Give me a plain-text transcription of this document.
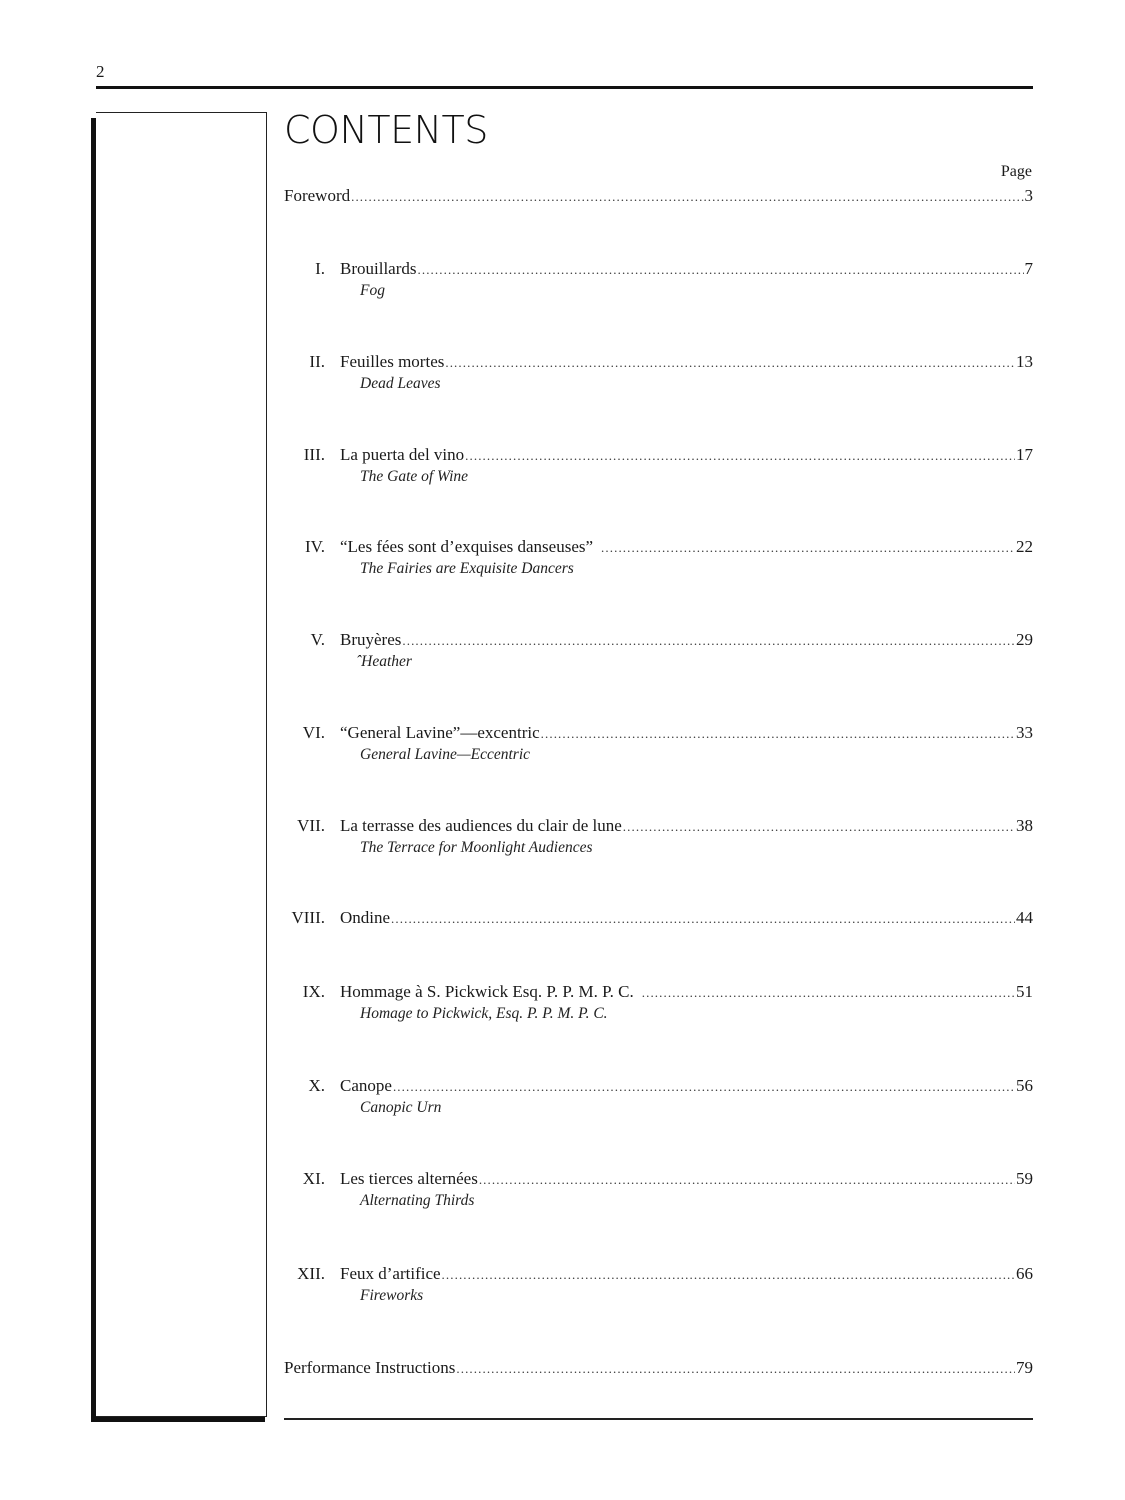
2
CONTENTS
Page
Foreword .....	3
I. Brouillards .....	7
Fog
II. Feuilles mortes .....	13
Dead Leaves
III. La puerta del vino .....	17
The Gate of Wine
IV. “Les fées sont d’exquises danseuses” .....	22
The Fairies are Exquisite Dancers
V. Bruyères .....	29
ˆHeather
VI. “General Lavine”—excentric .....	33
General Lavine—Eccentric
VII. La terrasse des audiences du clair de lune .....	38
The Terrace for Moonlight Audiences
VIII. Ondine .....	44
IX. Hommage à S. Pickwick Esq. P. P. M. P. C. .....	51
Homage to Pickwick, Esq. P. P. M. P. C.
X. Canope .....	56
Canopic Urn
XI. Les tierces alternées .....	59
Alternating Thirds
XII. Feux d’artifice .....	66
Fireworks
Performance Instructions .....	79
